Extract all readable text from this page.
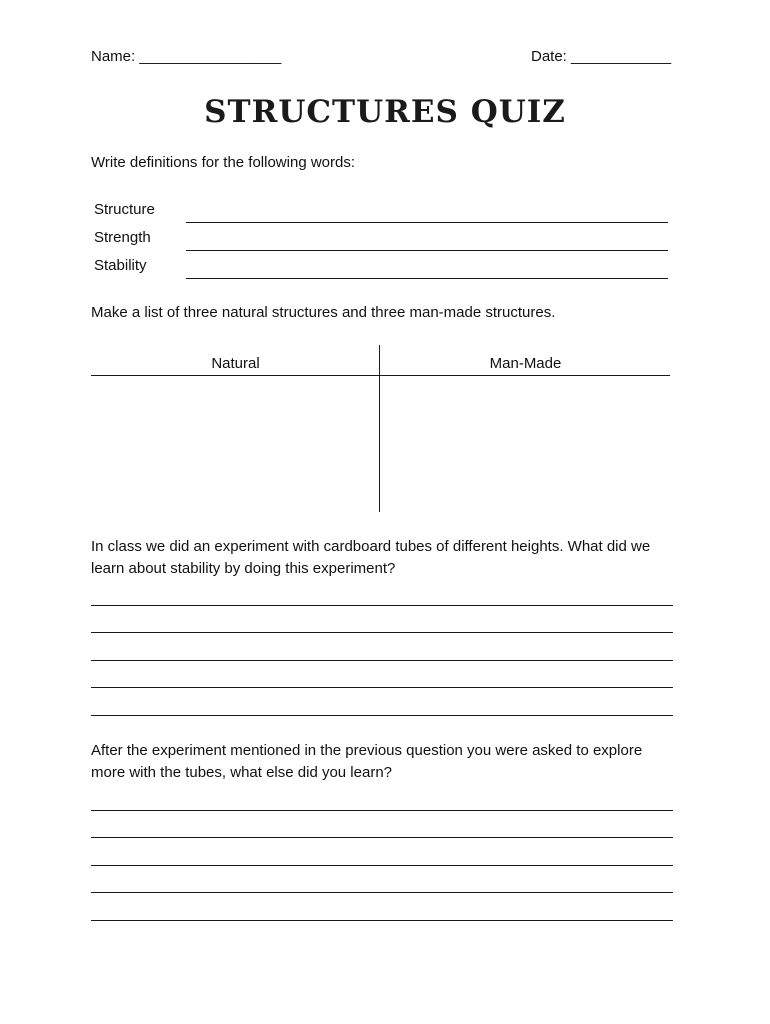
Name: _________________	Date: ____________
STRUCTURES QUIZ
Write definitions for the following words:
Structure
Strength
Stability
Make a list of three natural structures and three man-made structures.
Natural	Man-Made
In class we did an experiment with cardboard tubes of different heights. What did we learn about stability by doing this experiment?
After the experiment mentioned in the previous question you were asked to explore more with the tubes, what else did you learn?
